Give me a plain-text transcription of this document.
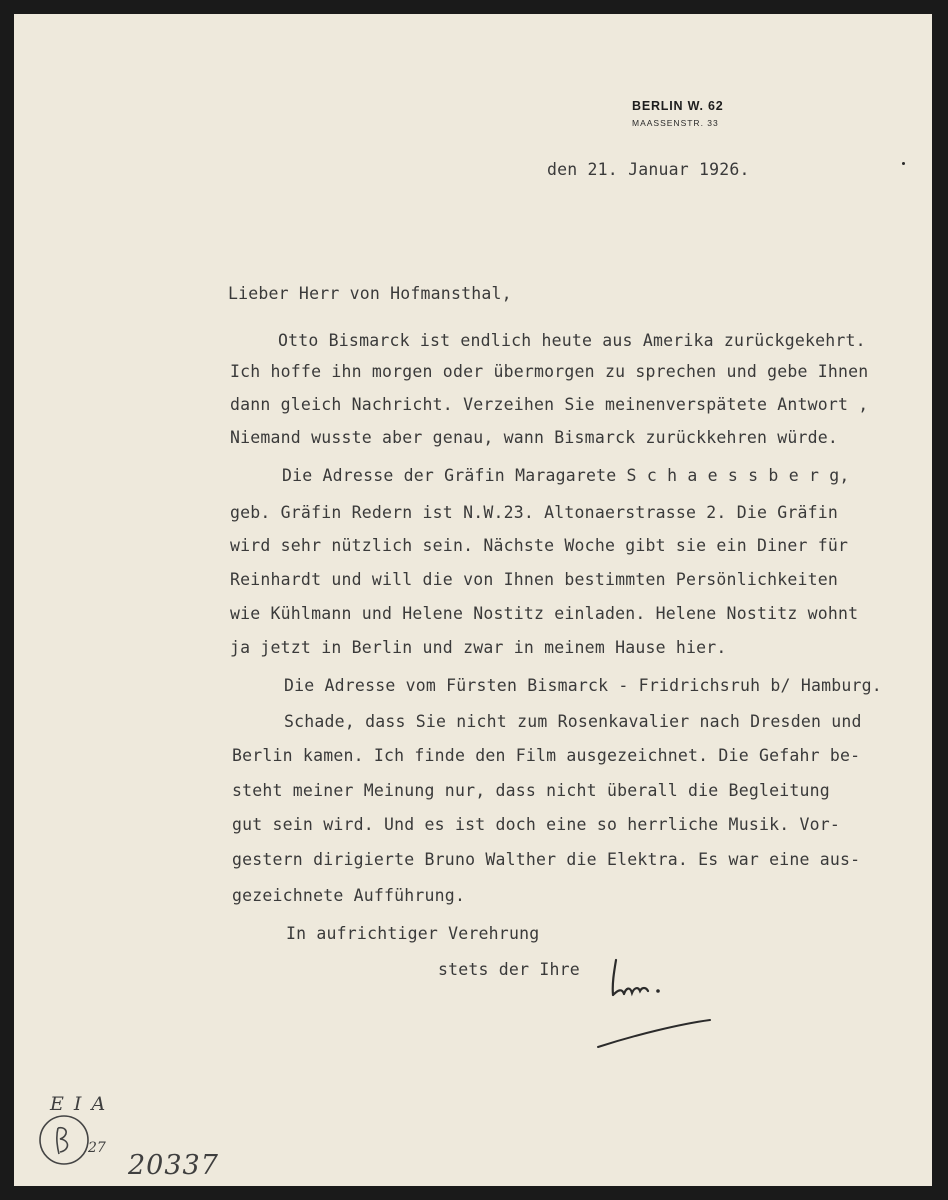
BERLIN W. 62
MAASSENSTR. 33
den 21. Januar 1926.
Lieber Herr von Hofmansthal,
Otto Bismarck ist endlich heute aus Amerika zurückgekehrt.
Ich hoffe ihn morgen oder übermorgen zu sprechen und gebe Ihnen
dann gleich Nachricht. Verzeihen Sie meinenverspätete Antwort ,
Niemand wusste aber genau, wann Bismarck zurückkehren würde.
Die Adresse der Gräfin Maragarete S c h a e s s b e r g,
geb. Gräfin Redern ist N.W.23. Altonaerstrasse 2. Die Gräfin
wird sehr nützlich sein. Nächste Woche gibt sie ein Diner für
Reinhardt und will die von Ihnen bestimmten Persönlichkeiten
wie Kühlmann und Helene Nostitz einladen. Helene Nostitz wohnt
ja jetzt in Berlin und zwar in meinem Hause hier.
Die Adresse vom Fürsten Bismarck - Fridrichsruh b/ Hamburg.
Schade, dass Sie nicht zum Rosenkavalier nach Dresden und
Berlin kamen. Ich finde den Film ausgezeichnet. Die Gefahr be-
steht meiner Meinung nur, dass nicht überall die Begleitung
gut sein wird. Und es ist doch eine so herrliche Musik. Vor-
gestern dirigierte Bruno Walther die Elektra. Es war eine aus-
gezeichnete Aufführung.
In aufrichtiger Verehrung
stets der Ihre
E I A
27
20337
